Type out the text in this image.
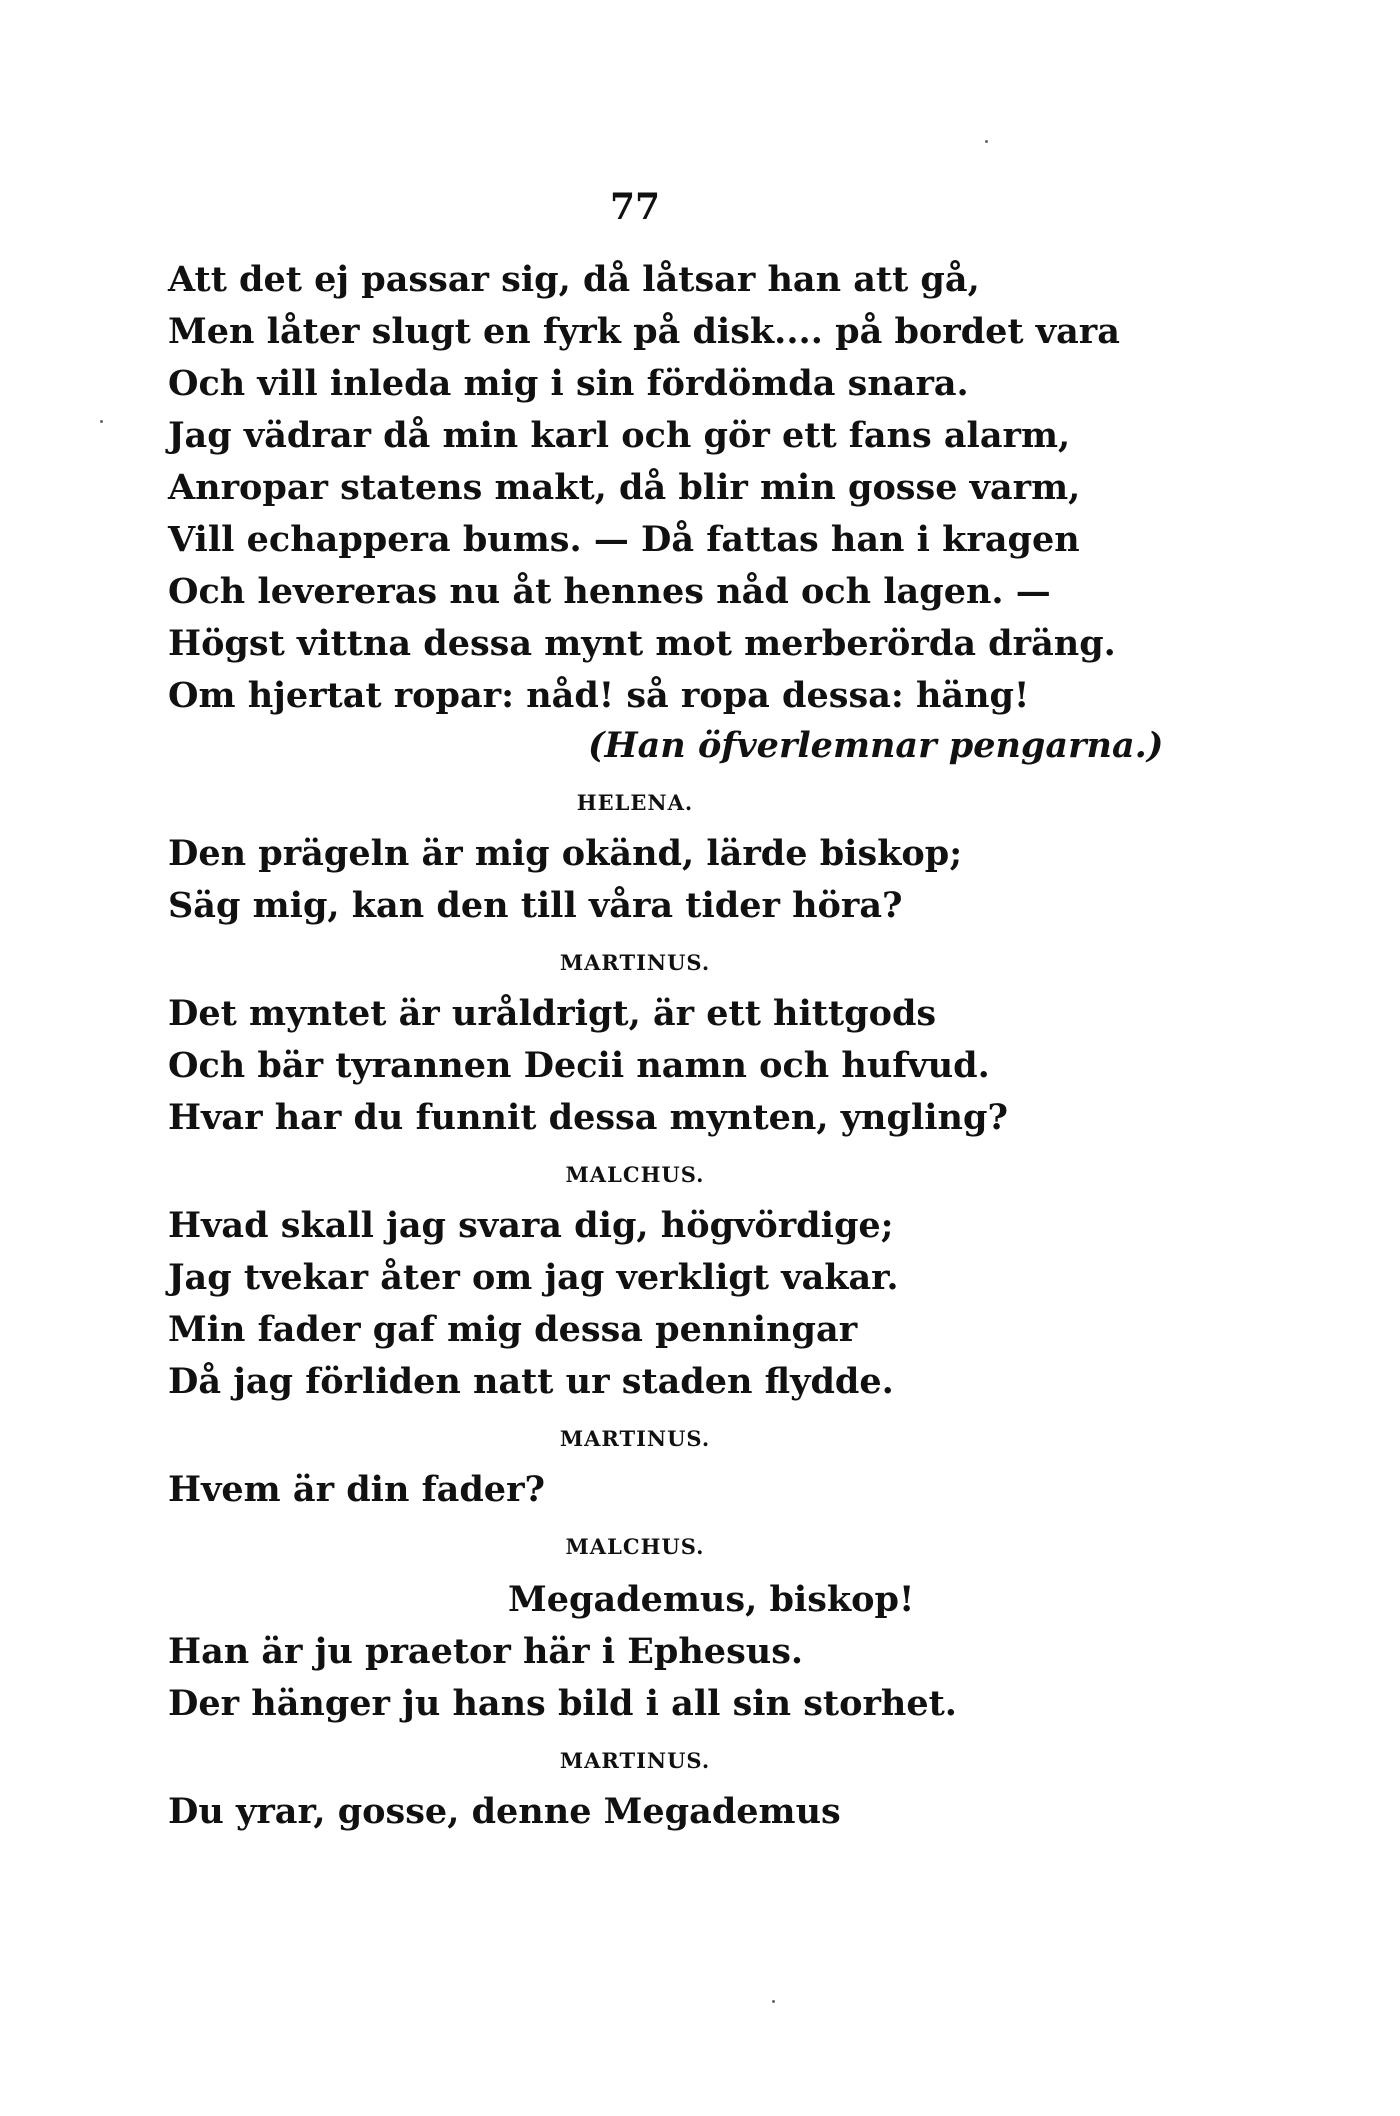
77
Att det ej passar sig, då låtsar han att gå,
Men låter slugt en fyrk på disk.... på bordet vara
Och vill inleda mig i sin fördömda snara.
Jag vädrar då min karl och gör ett fans alarm,
Anropar statens makt, då blir min gosse varm,
Vill echappera bums. — Då fattas han i kragen
Och levereras nu åt hennes nåd och lagen. —
Högst vittna dessa mynt mot merberörda dräng.
Om hjertat ropar: nåd! så ropa dessa: häng!
(Han öfverlemnar pengarna.)
HELENA.
Den prägeln är mig okänd, lärde biskop;
Säg mig, kan den till våra tider höra?
MARTINUS.
Det myntet är uråldrigt, är ett hittgods
Och bär tyrannen Decii namn och hufvud.
Hvar har du funnit dessa mynten, yngling?
MALCHUS.
Hvad skall jag svara dig, högvördige;
Jag tvekar åter om jag verkligt vakar.
Min fader gaf mig dessa penningar
Då jag förliden natt ur staden flydde.
MARTINUS.
Hvem är din fader?
MALCHUS.
Megademus, biskop!
Han är ju praetor här i Ephesus.
Der hänger ju hans bild i all sin storhet.
MARTINUS.
Du yrar, gosse, denne Megademus
